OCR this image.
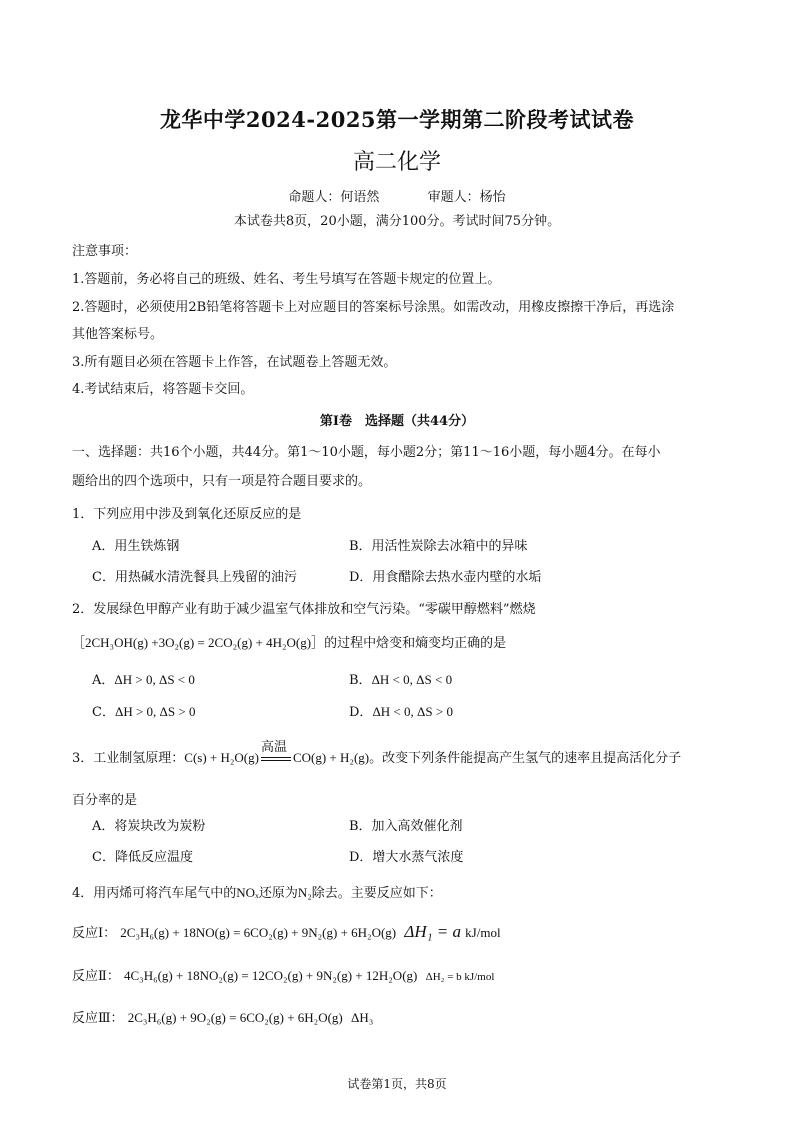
龙华中学2024-2025第一学期第二阶段考试试卷
高二化学
命题人：何语然	审题人：杨怡
本试卷共8页，20小题，满分100分。考试时间75分钟。
注意事项：
1.答题前，务必将自己的班级、姓名、考生号填写在答题卡规定的位置上。
2.答题时，必须使用2B铅笔将答题卡上对应题目的答案标号涂黑。如需改动，用橡皮擦擦干净后，再选涂
其他答案标号。
3.所有题目必须在答题卡上作答，在试题卷上答题无效。
4.考试结束后，将答题卡交回。
第Ⅰ卷　选择题（共44分）
一、选择题：共16个小题，共44分。第1～10小题，每小题2分；第11～16小题，每小题4分。在每小
题给出的四个选项中，只有一项是符合题目要求的。
1．下列应用中涉及到氧化还原反应的是
A．用生铁炼钢	B．用活性炭除去冰箱中的异味
C．用热碱水清洗餐具上残留的油污	D．用食醋除去热水壶内壁的水垢
2．发展绿色甲醇产业有助于减少温室气体排放和空气污染。“零碳甲醇燃料”燃烧
［2CH₃OH(g) +3O₂(g) = 2CO₂(g) + 4H₂O(g)］的过程中焓变和熵变均正确的是
A．ΔH > 0, ΔS < 0	B．ΔH < 0, ΔS < 0
C．ΔH > 0, ΔS > 0	D．ΔH < 0, ΔS > 0
3．工业制氢原理：C(s) + H₂O(g)
高温
CO(g) + H₂(g)。改变下列条件能提高产生氢气的速率且提高活化分子
百分率的是
A．将炭块改为炭粉	B．加入高效催化剂
C．降低反应温度	D．增大水蒸气浓度
4．用丙烯可将汽车尾气中的NOₓ还原为N₂除去。主要反应如下：
反应Ⅰ： 2C₃H₆(g) + 18NO(g) = 6CO₂(g) + 9N₂(g) + 6H₂O(g) ΔH₁ = a kJ/mol
反应Ⅱ： 4C₃H₆(g) + 18NO₂(g) = 12CO₂(g) + 9N₂(g) + 12H₂O(g) ΔH₂ = b kJ/mol
反应Ⅲ： 2C₃H₆(g) + 9O₂(g) = 6CO₂(g) + 6H₂O(g) ΔH₃
试卷第1页，共8页
